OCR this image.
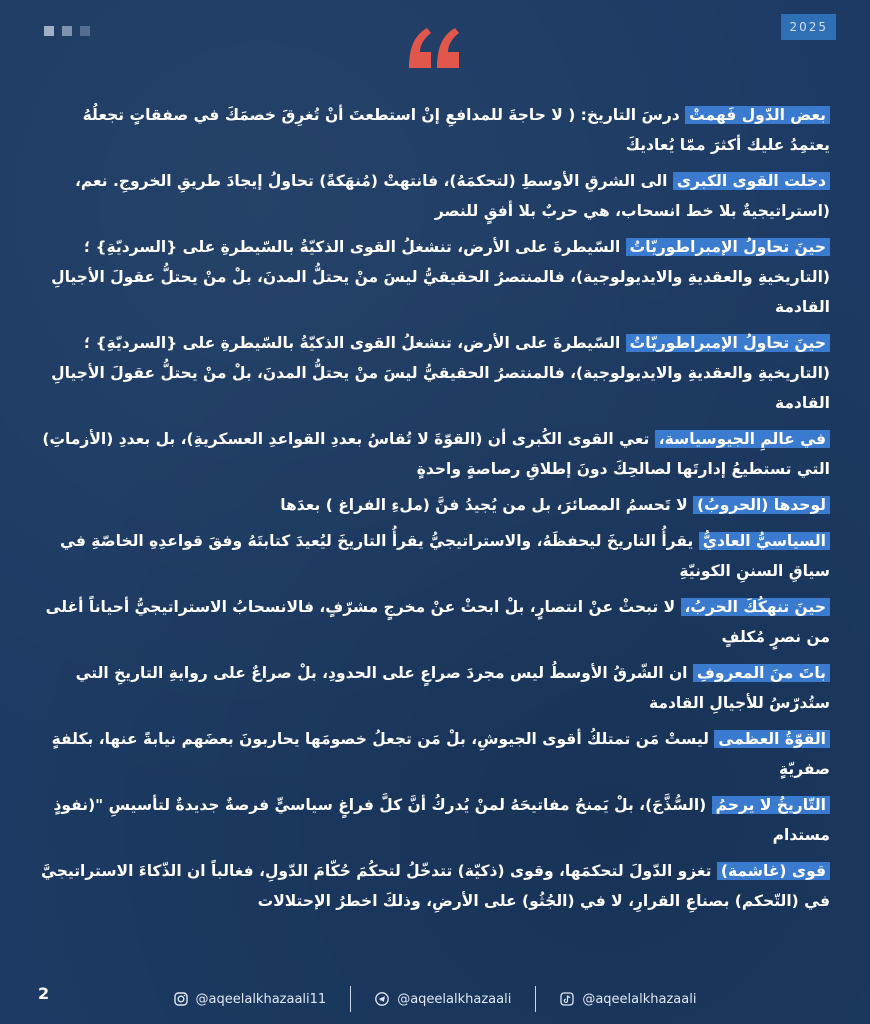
2025

بعض الدّول فَهمتْ درسَ التاريخ: ( لا حاجةَ للمدافعِ إنْ استطعتَ أنْ تُغرِقَ خصمَكَ في صفقاتٍ تجعلُهُ يعتمِدُ عليك أكثرَ ممّا يُعاديكَ

دخلت القوى الكبرى الى الشرقِ الأوسطِ (لتحكمَهُ)، فانتهتْ (مُنهَكةً) تحاولُ إيجادَ طريقِ الخروجِ. نعم، (استراتيجيةٌ بلا خط انسحاب، هي حربٌ بلا أفقٍ للنصر

حينَ تحاولُ الإمبراطوريّاتُ السّيطرةَ على الأرض، تنشغلُ القوى الذكيّةُ بالسّيطرةِ على {السرديّةِ} ؛ (التاريخيةِ والعقديةِ والايديولوجية)، فالمنتصرُ الحقيقيُّ ليسَ منْ يحتلُّ المدنَ، بلْ منْ يحتلُّ عقولَ الأجيالِ القادمة

حينَ تحاولُ الإمبراطوريّاتُ السّيطرةَ على الأرض، تنشغلُ القوى الذكيّةُ بالسّيطرةِ على {السرديّةِ} ؛ (التاريخيةِ والعقديةِ والايديولوجية)، فالمنتصرُ الحقيقيُّ ليسَ منْ يحتلُّ المدنَ، بلْ منْ يحتلُّ عقولَ الأجيالِ القادمة

في عالمِ الجيوسياسة، تعي القوى الكُبرى أن (القوّةَ لا تُقاسُ بعددِ القواعدِ العسكريةِ)، بل بعددِ (الأزماتِ) التي تستطيعُ إدارتَها لصالحِكَ دونَ إطلاقِ رصاصةٍ واحدةٍ

لوحدها (الحروبُ) لا تَحسمُ المصائرَ، بل من يُجيدُ فنَّ (ملءِ الفراغ ) بعدَها

السياسيُّ العاديُّ يقرأُ التاريخَ ليحفظَهُ، والاستراتيجيُّ يقرأُ التاريخَ ليُعيدَ كتابتَهُ وفقَ قواعدِهِ الخاصّةِ في سياقِ السننِ الكونيّةِ

حينَ تنهكُكَ الحربُ، لا تبحثْ عنْ انتصارٍ، بلْ ابحثْ عنْ مخرجٍ مشرّفٍ، فالانسحابُ الاستراتيجيُّ أحياناً أغلى من نصرٍ مُكلفٍ

باتَ منَ المعروفِ ان الشّرقُ الأوسطُ ليس مجردَ صراعٍ على الحدودِ، بلْ صراعٌ على روايةِ التاريخِ التي ستُدرّسُ للأجيالِ القادمة

القوّةُ العظمى ليستْ مَن تمتلكُ أقوى الجيوشِ، بلْ مَن تجعلُ خصومَها يحاربونَ بعضَهم نيابةً عنها، بكلفةٍ صفريّةٍ

التّاريخُ لا يرحمُ (السُّذَّجَ)، بلْ يَمنحُ مفاتيحَهُ لمنْ يُدركُ أنَّ كلَّ فراغٍ سياسيٍّ فرصةٌ جديدةٌ لتأسيسِ "(نفوذٍ مستدام

قوى (غاشمة) تغزو الدّولَ لتحكمَها، وقوى (ذكيّة) تتدخّلُ لتحكُمَ حُكّامَ الدّولِ، فغالباً ان الذّكاءَ الاستراتيجيَّ في (التّحكم) بصناعِ القرارِ، لا في (الجُثُو) على الأرضِ، وذلكَ اخطرُ الإحتلالات

2	@aqeelalkhazaali11	@aqeelalkhazaali	@aqeelalkhazaali
